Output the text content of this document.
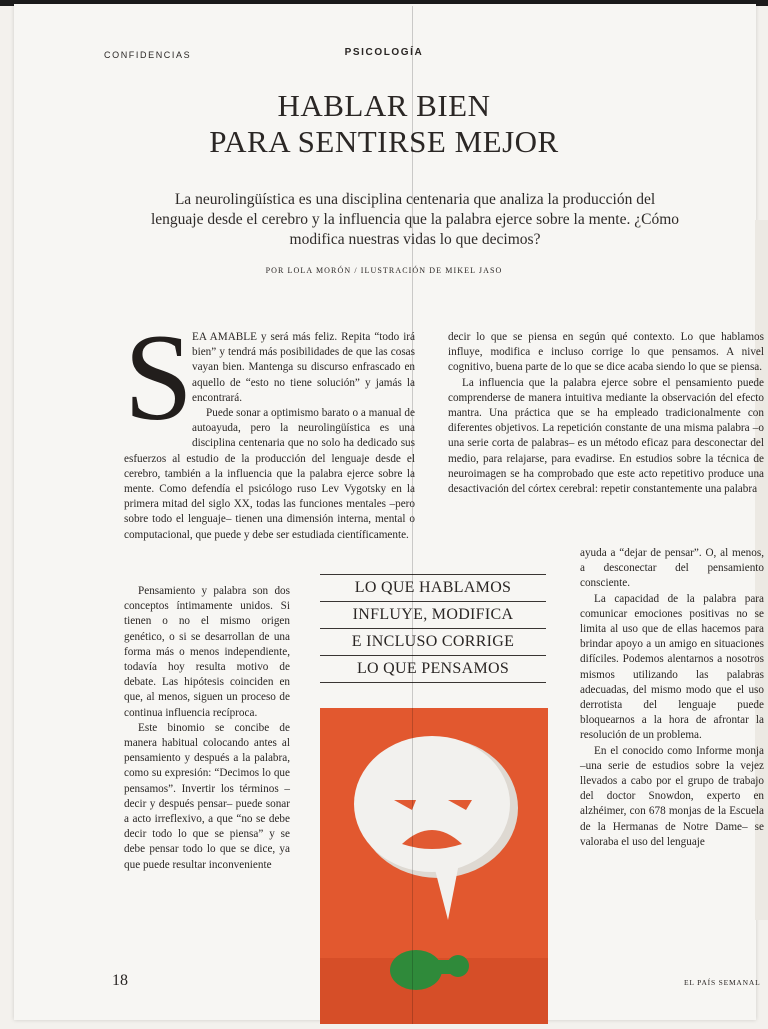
CONFIDENCIAS	PSICOLOGÍA
HABLAR BIEN
PARA SENTIRSE MEJOR
La neurolingüística es una disciplina centenaria que analiza la producción del lenguaje desde el cerebro y la influencia que la palabra ejerce sobre la mente. ¿Cómo modifica nuestras vidas lo que decimos?
POR LOLA MORÓN / ILUSTRACIÓN DE MIKEL JASO
S EA AMABLE y será más feliz. Repita “todo irá bien” y tendrá más posibilidades de que las cosas vayan bien. Mantenga su discurso enfrascado en aquello de “esto no tiene solución” y jamás la encontrará.

Puede sonar a optimismo barato o a manual de autoayuda, pero la neurolingüística es una disciplina centenaria que no solo ha dedicado sus esfuerzos al estudio de la producción del lenguaje desde el cerebro, también a la influencia que la palabra ejerce sobre la mente. Como defendía el psicólogo ruso Lev Vygotsky en la primera mitad del siglo XX, todas las funciones mentales –pero sobre todo el lenguaje– tienen una dimensión interna, mental o computacional, que puede y debe ser estudiada científicamente.

Pensamiento y palabra son dos conceptos íntimamente unidos. Si tienen o no el mismo origen genético, o si se desarrollan de una forma más o menos independiente, todavía hoy resulta motivo de debate. Las hipótesis coinciden en que, al menos, siguen un proceso de continua influencia recíproca.

Este binomio se concibe de manera habitual colocando antes al pensamiento y después a la palabra, como su expresión: “Decimos lo que pensamos”. Invertir los términos –decir y después pensar– puede sonar a acto irreflexivo, a que “no se debe decir todo lo que se piensa” y se debe pensar todo lo que se dice, ya que puede resultar inconveniente

decir lo que se piensa en según qué contexto. Lo que hablamos influye, modifica e incluso corrige lo que pensamos. A nivel cognitivo, buena parte de lo que se dice acaba siendo lo que se piensa.

La influencia que la palabra ejerce sobre el pensamiento puede comprenderse de manera intuitiva mediante la observación del efecto mantra. Una práctica que se ha empleado tradicionalmente con diferentes objetivos. La repetición constante de una misma palabra –o una serie corta de palabras– es un método eficaz para desconectar del medio, para relajarse, para evadirse. En estudios sobre la técnica de neuroimagen se ha comprobado que este acto repetitivo produce una desactivación del córtex cerebral: repetir constantemente una palabra

ayuda a “dejar de pensar”. O, al menos, a desconectar del pensamiento consciente.

La capacidad de la palabra para comunicar emociones positivas no se limita al uso que de ellas hacemos para brindar apoyo a un amigo en situaciones difíciles. Podemos alentarnos a nosotros mismos utilizando las palabras adecuadas, del mismo modo que el uso derrotista del lenguaje puede bloquearnos a la hora de afrontar la resolución de un problema.

En el conocido como Informe monja –una serie de estudios sobre la vejez llevados a cabo por el grupo de trabajo del doctor Snowdon, experto en alzhéimer, con 678 monjas de la Escuela de la Hermanas de Notre Dame– se valoraba el uso del lenguaje

LO QUE HABLAMOS
INFLUYE, MODIFICA
E INCLUSO CORRIGE
LO QUE PENSAMOS
18	EL PAÍS SEMANAL
